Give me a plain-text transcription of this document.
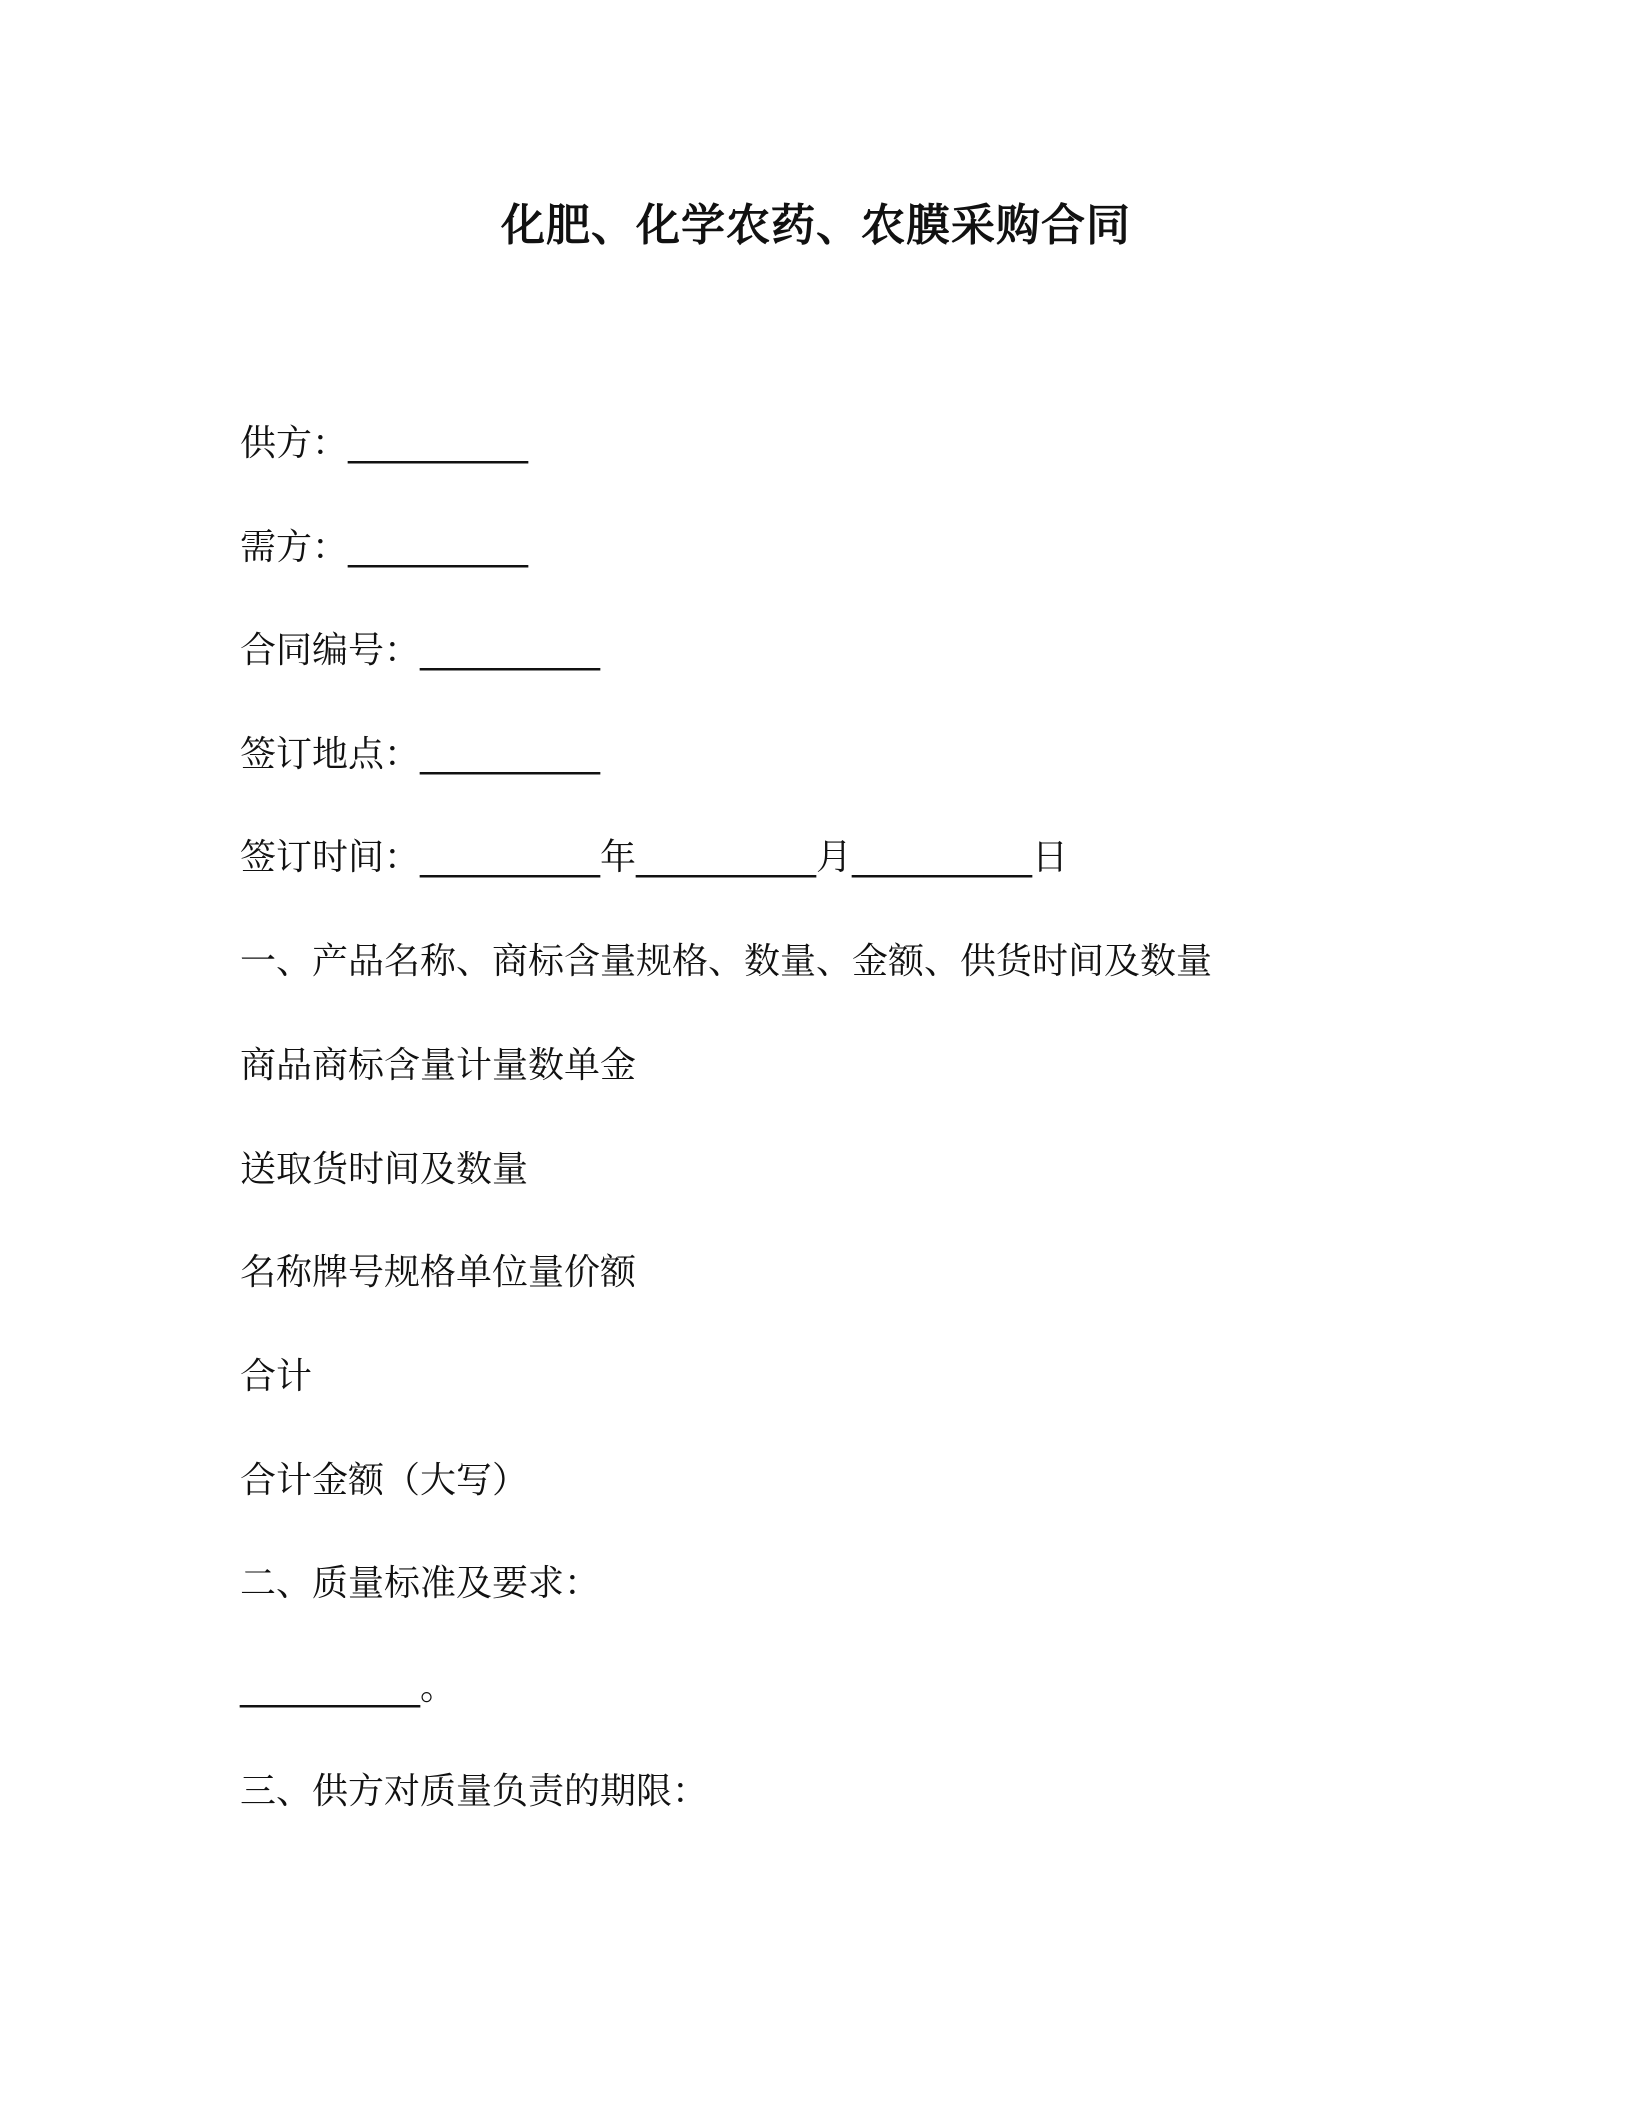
化肥、化学农药、农膜采购合同
供方：__________
需方：__________
合同编号：__________
签订地点：__________
签订时间：__________年__________月__________日
一、产品名称、商标含量规格、数量、金额、供货时间及数量
商品商标含量计量数单金
送取货时间及数量
名称牌号规格单位量价额
合计
合计金额（大写）
二、质量标准及要求：
__________。
三、供方对质量负责的期限：
